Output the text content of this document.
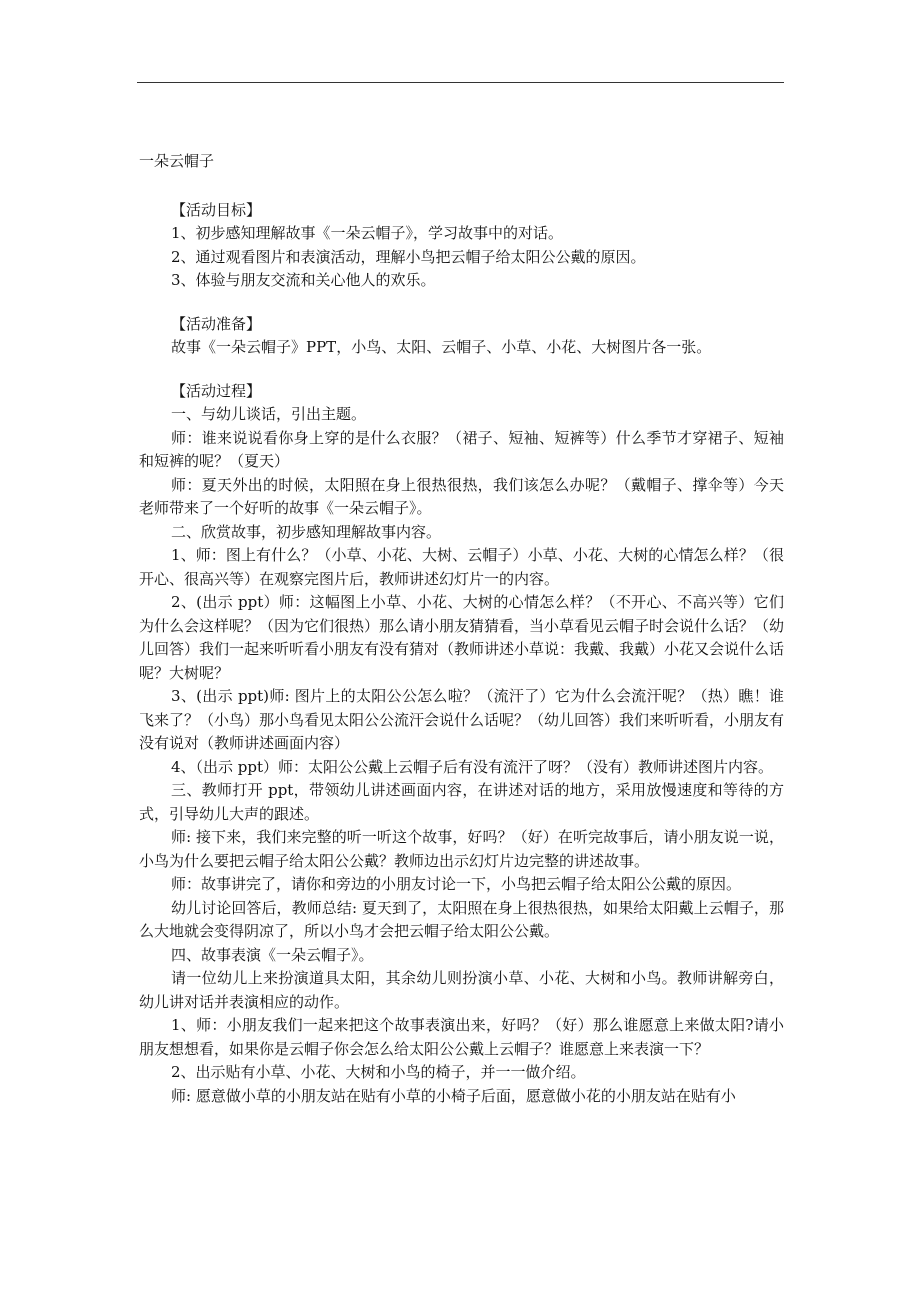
一朵云帽子
【活动目标】
1、初步感知理解故事《一朵云帽子》，学习故事中的对话。
2、通过观看图片和表演活动，理解小鸟把云帽子给太阳公公戴的原因。
3、体验与朋友交流和关心他人的欢乐。
【活动准备】
故事《一朵云帽子》PPT，小鸟、太阳、云帽子、小草、小花、大树图片各一张。
【活动过程】
一、与幼儿谈话，引出主题。
师：谁来说说看你身上穿的是什么衣服？（裙子、短袖、短裤等）什么季节才穿裙子、短袖和短裤的呢？（夏天）
师：夏天外出的时候，太阳照在身上很热很热，我们该怎么办呢？（戴帽子、撑伞等）今天老师带来了一个好听的故事《一朵云帽子》。
二、欣赏故事，初步感知理解故事内容。
1、师：图上有什么？（小草、小花、大树、云帽子）小草、小花、大树的心情怎么样？（很开心、很高兴等）在观察完图片后，教师讲述幻灯片一的内容。
2、(出示 ppt）师：这幅图上小草、小花、大树的心情怎么样？（不开心、不高兴等）它们为什么会这样呢？（因为它们很热）那么请小朋友猜猜看，当小草看见云帽子时会说什么话？（幼儿回答）我们一起来听听看小朋友有没有猜对（教师讲述小草说：我戴、我戴）小花又会说什么话呢？大树呢？
3、(出示 ppt)师: 图片上的太阳公公怎么啦？（流汗了）它为什么会流汗呢？（热）瞧！谁飞来了？（小鸟）那小鸟看见太阳公公流汗会说什么话呢？（幼儿回答）我们来听听看，小朋友有没有说对（教师讲述画面内容）
4、（出示 ppt）师：太阳公公戴上云帽子后有没有流汗了呀？（没有）教师讲述图片内容。
三、教师打开 ppt，带领幼儿讲述画面内容，在讲述对话的地方，采用放慢速度和等待的方式，引导幼儿大声的跟述。
师: 接下来，我们来完整的听一听这个故事，好吗？（好）在听完故事后，请小朋友说一说，小鸟为什么要把云帽子给太阳公公戴？教师边出示幻灯片边完整的讲述故事。
师：故事讲完了，请你和旁边的小朋友讨论一下，小鸟把云帽子给太阳公公戴的原因。
幼儿讨论回答后，教师总结: 夏天到了，太阳照在身上很热很热，如果给太阳戴上云帽子，那么大地就会变得阴凉了，所以小鸟才会把云帽子给太阳公公戴。
四、故事表演《一朵云帽子》。
请一位幼儿上来扮演道具太阳，其余幼儿则扮演小草、小花、大树和小鸟。教师讲解旁白，幼儿讲对话并表演相应的动作。
1、师：小朋友我们一起来把这个故事表演出来，好吗？（好）那么谁愿意上来做太阳?请小朋友想想看，如果你是云帽子你会怎么给太阳公公戴上云帽子？谁愿意上来表演一下？
2、出示贴有小草、小花、大树和小鸟的椅子，并一一做介绍。
师: 愿意做小草的小朋友站在贴有小草的小椅子后面，愿意做小花的小朋友站在贴有小
